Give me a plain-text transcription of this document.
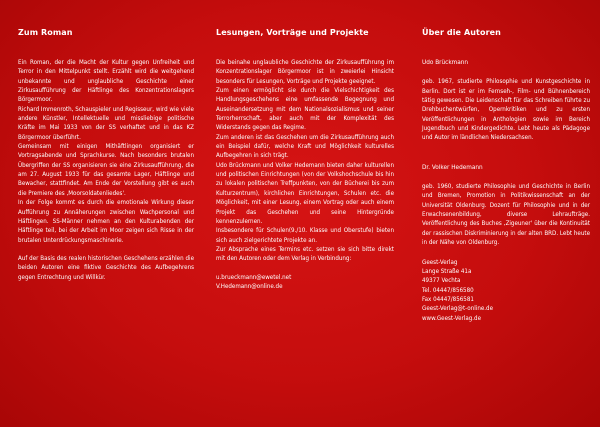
Zum Roman

Ein Roman, der die Macht der Kultur gegen Unfreiheit und Terror in den Mittelpunkt stellt. Erzählt wird die weitgehend unbekannte und unglaubliche Geschichte einer Zirkusaufführung der Häftlinge des Konzentrationslagers Börgermoor.

Richard Immenroth, Schauspieler und Regisseur, wird wie viele andere Künstler, Intellektuelle und missliebige politische Kräfte im Mai 1933 von der SS verhaftet und in das KZ Börgermoor überführt.

Gemeinsam mit einigen Mithäftlingen organisiert er Vortragsabende und Sprachkurse. Nach besonders brutalen Übergriffen der SS organisieren sie eine Zirkusaufführung, die am 27. August 1933 für das gesamte Lager, Häftlinge und Bewacher, stattfindet. Am Ende der Vorstellung gibt es auch die Premiere des ‚Moorsoldatenliedes'.

In der Folge kommt es durch die emotionale Wirkung dieser Aufführung zu Annäherungen zwischen Wachpersonal und Häftlingen. SS-Männer nehmen an den Kulturabenden der Häftlinge teil, bei der Arbeit im Moor zeigen sich Risse in der brutalen Unterdrückungsmaschinerie.

Auf der Basis des realen historischen Geschehens erzählen die beiden Autoren eine fiktive Geschichte des Aufbegehrens gegen Entrechtung und Willkür.

Lesungen, Vorträge und Projekte

Die beinahe unglaubliche Geschichte der Zirkusaufführung im Konzentrationslager Börgermoor ist in zweierlei Hinsicht besonders für Lesungen, Vorträge und Projekte geeignet.

Zum einen ermöglicht sie durch die Vielschichtigkeit des Handlungsgeschehens eine umfassende Begegnung und Auseinandersetzung mit dem Nationalsozialismus und seiner Terrorherrschaft, aber auch mit der Komplexität des Widerstands gegen das Regime.

Zum anderen ist das Geschehen um die Zirkusaufführung auch ein Beispiel dafür, welche Kraft und Möglichkeit kulturelles Aufbegehren in sich trägt.

Udo Brückmann und Volker Hedemann bieten daher kulturellen und politischen Einrichtungen (von der Volkshochschule bis hin zu lokalen politischen Treffpunkten, von der Bücherei bis zum Kulturzentrum), kirchlichen Einrichtungen, Schulen etc. die Möglichkeit, mit einer Lesung, einem Vortrag oder auch einem Projekt das Geschehen und seine Hintergründe kennenzulernen.

Insbesondere für Schulen(9./10. Klasse und Oberstufe) bieten sich auch zielgerichtete Projekte an.

Zur Absprache eines Termins etc. setzen sie sich bitte direkt mit den Autoren oder dem Verlag in Verbindung:

u.brueckmann@ewetel.net

V.Hedemann@online.de

Über die Autoren

Udo Brückmann

geb. 1967, studierte Philosophie und Kunstgeschichte in Berlin. Dort ist er im Fernseh-, Film- und Bühnenbereich tätig gewesen. Die Leidenschaft für das Schreiben führte zu Drehbuchentwürfen, Opernkritiken und zu ersten Veröffentlichungen in Anthologien sowie im Bereich Jugendbuch und Kindergedichte. Lebt heute als Pädagoge und Autor im ländlichen Niedersachsen.

Dr. Volker Hedemann

geb. 1960, studierte Philosophie und Geschichte in Berlin und Bremen, Promotion in Politikwissenschaft an der Universität Oldenburg. Dozent für Philosophie und in der Erwachsenenbildung, diverse Lehraufträge. Veröffentlichung des Buches ‚Zigeuner' über die Kontinuität der rassischen Diskriminierung in der alten BRD. Lebt heute in der Nähe von Oldenburg.

Geest-Verlag

Lange Straße 41a

49377 Vechta

Tel. 04447/856580

Fax 04447/856581

Geest-Verlag@t-online.de

www.Geest-Verlag.de
